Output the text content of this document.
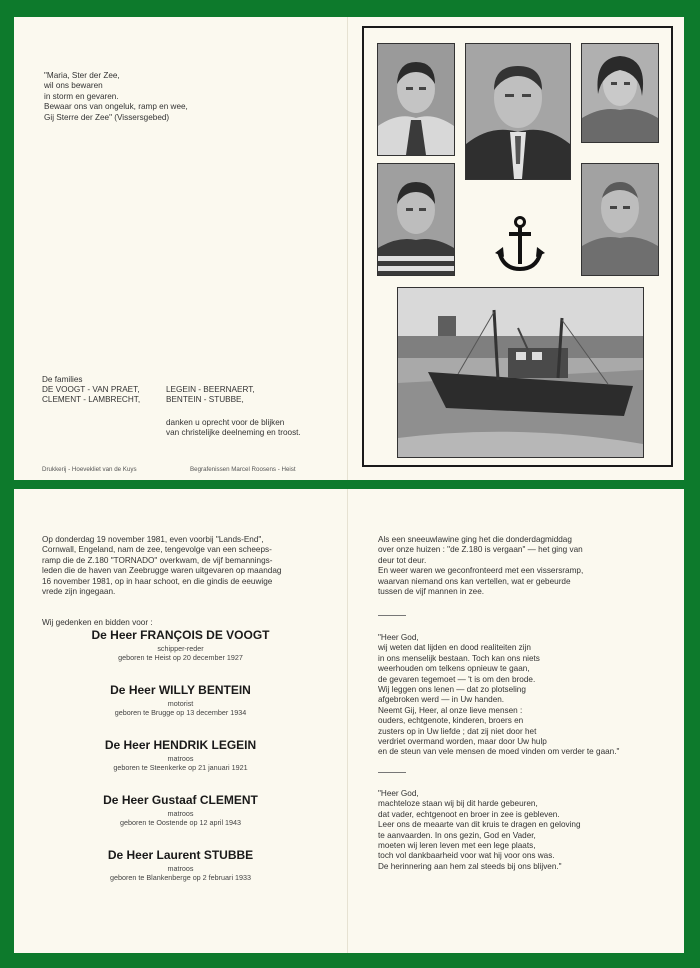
"Maria, Ster der Zee,
wil ons bewaren
in storm en gevaren.
Bewaar ons van ongeluk, ramp en wee,
Gij Sterre der Zee" (Vissersgebed)
De families
DE VOOGT - VAN PRAET,
CLEMENT - LAMBRECHT,
LEGEIN - BEERNAERT,
BENTEIN - STUBBE,
danken u oprecht voor de blijken
van christelijke deelneming en troost.
Drukkerij - Hoevekliet van de Kuys	Begrafenissen Marcel Roosens - Heist
Op donderdag 19 november 1981, even voorbij "Lands-End",
Cornwall, Engeland, nam de zee, tengevolge van een scheeps-
ramp die de Z.180 "TORNADO" overkwam, de vijf bemannings-
leden die de haven van Zeebrugge waren uitgevaren op maandag
16 november 1981, op in haar schoot, en die gindis de eeuwige
vrede zijn ingegaan.
Wij gedenken en bidden voor :
De Heer FRANÇOIS DE VOOGT
schipper-reder
geboren te Heist op 20 december 1927
De Heer WILLY BENTEIN
motorist
geboren te Brugge op 13 december 1934
De Heer HENDRIK LEGEIN
matroos
geboren te Steenkerke op 21 januari 1921
De Heer Gustaaf CLEMENT
matroos
geboren te Oostende op 12 april 1943
De Heer Laurent STUBBE
matroos
geboren te Blankenberge op 2 februari 1933
Als een sneeuwlawine ging het die donderdagmiddag
over onze huizen : "de Z.180 is vergaan" — het ging van
deur tot deur.
En weer waren we geconfronteerd met een vissersramp,
waarvan niemand ons kan vertellen, wat er gebeurde
tussen de vijf mannen in zee.
"Heer God,
wij weten dat lijden en dood realiteiten zijn
in ons menselijk bestaan. Toch kan ons niets
weerhouden om telkens opnieuw te gaan,
de gevaren tegemoet — 't is om den brode.
Wij leggen ons lenen — dat zo plotseling
afgebroken werd — in Uw handen.
Neemt Gij, Heer, al onze lieve mensen :
ouders, echtgenote, kinderen, broers en
zusters op in Uw liefde ; dat zij niet door het
verdriet overmand worden, maar door Uw hulp
en de steun van vele mensen de moed vinden om verder te gaan."
"Heer God,
machteloze staan wij bij dit harde gebeuren,
dat vader, echtgenoot en broer in zee is gebleven.
Leer ons de meaarte van dit kruis te dragen en geloving
te aanvaarden. In ons gezin, God en Vader,
moeten wij leren leven met een lege plaats,
toch vol dankbaarheid voor wat hij voor ons was.
De herinnering aan hem zal steeds bij ons blijven."
